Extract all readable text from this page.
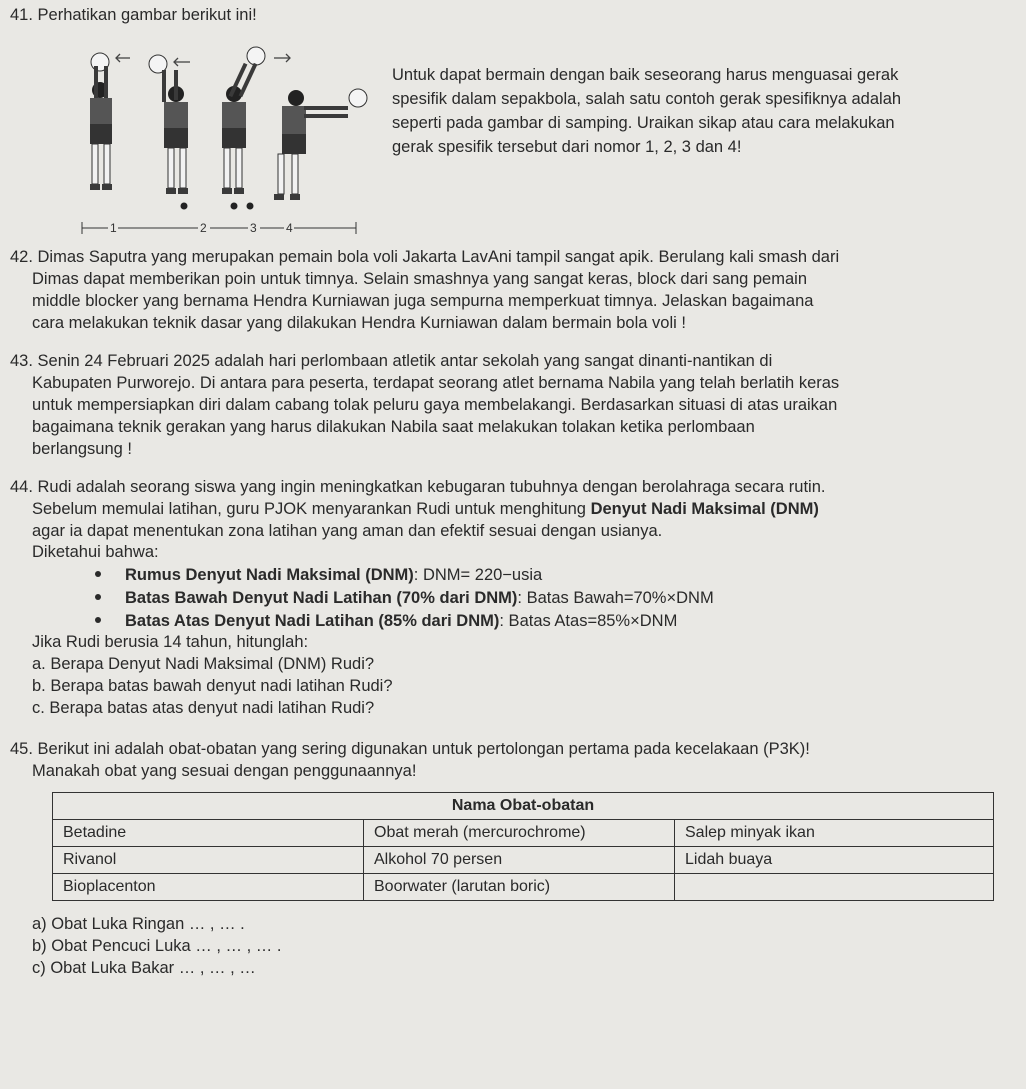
41. Perhatikan gambar berikut ini!
1	2	3 4
Untuk dapat bermain dengan baik seseorang harus menguasai gerak
spesifik dalam sepakbola, salah satu contoh gerak spesifiknya adalah
seperti pada gambar di samping. Uraikan sikap atau cara melakukan
gerak spesifik tersebut dari nomor 1, 2, 3 dan 4!
42. Dimas Saputra yang merupakan pemain bola voli Jakarta LavAni tampil sangat apik. Berulang kali smash dari
Dimas dapat memberikan poin untuk timnya. Selain smashnya yang sangat keras, block dari sang pemain
middle blocker yang bernama Hendra Kurniawan juga sempurna memperkuat timnya. Jelaskan bagaimana
cara melakukan teknik dasar yang dilakukan Hendra Kurniawan dalam bermain bola voli !
43. Senin 24 Februari 2025 adalah hari perlombaan atletik antar sekolah yang sangat dinanti-nantikan di
Kabupaten Purworejo. Di antara para peserta, terdapat seorang atlet bernama Nabila yang telah berlatih keras
untuk mempersiapkan diri dalam cabang tolak peluru gaya membelakangi. Berdasarkan situasi di atas uraikan
bagaimana teknik gerakan yang harus dilakukan Nabila saat melakukan tolakan ketika perlombaan
berlangsung !
44. Rudi adalah seorang siswa yang ingin meningkatkan kebugaran tubuhnya dengan berolahraga secara rutin.
Sebelum memulai latihan, guru PJOK menyarankan Rudi untuk menghitung Denyut Nadi Maksimal (DNM)
agar ia dapat menentukan zona latihan yang aman dan efektif sesuai dengan usianya.
Diketahui bahwa:
Rumus Denyut Nadi Maksimal (DNM): DNM= 220−usia
Batas Bawah Denyut Nadi Latihan (70% dari DNM): Batas Bawah=70%×DNM
Batas Atas Denyut Nadi Latihan (85% dari DNM): Batas Atas=85%×DNM
Jika Rudi berusia 14 tahun, hitunglah:
a. Berapa Denyut Nadi Maksimal (DNM) Rudi?
b. Berapa batas bawah denyut nadi latihan Rudi?
c. Berapa batas atas denyut nadi latihan Rudi?
45. Berikut ini adalah obat-obatan yang sering digunakan untuk pertolongan pertama pada kecelakaan (P3K)!
Manakah obat yang sesuai dengan penggunaannya!
Nama Obat-obatan		
Betadine	Obat merah (mercurochrome)	Salep minyak ikan
Rivanol	Alkohol 70 persen	Lidah buaya
Bioplacenton	Boorwater (larutan boric)	
a) Obat Luka Ringan … , … .
b) Obat Pencuci Luka … , … , … .
c) Obat Luka Bakar … , … , …
